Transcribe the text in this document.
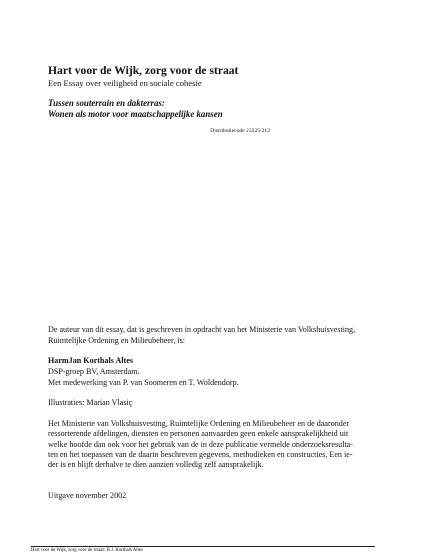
Hart voor de Wijk, zorg voor de straat
Een Essay over veiligheid en sociale cohesie
Tussen souterrain en dakterras:
Wonen als motor voor maatschappelijke kansen
Distributiecode 23325/212
De auteur van dit essay, dat is geschreven in opdracht van het Ministerie van Volkshuisvesting,
Ruimtelijke Ordening en Milieubeheer, is:
HarmJan Korthals Altes
DSP-groep BV, Amsterdam.
Met medewerking van P. van Soomeren en T. Woldendorp.
Illustraties: Marian Vlasiç
Het Ministerie van Volkshuisvesting, Ruimtelijke Ordening en Milieubeheer en de daaronder
ressorterende afdelingen, diensten en personen aanvaarden geen enkele aansprakelijkheid uit
welke hoofde dan ook voor het gebruik van de in deze publicatie vermelde onderzoeksresulta-
ten en het toepassen van de daarin beschreven gegevens, methodieken en constructies. Een ie-
der is en blijft derhalve te dien aanzien volledig zelf aansprakelijk.
Uitgave november 2002
Hart voor de Wijk, zorg voor de straat: H.J. Korthals Altes
